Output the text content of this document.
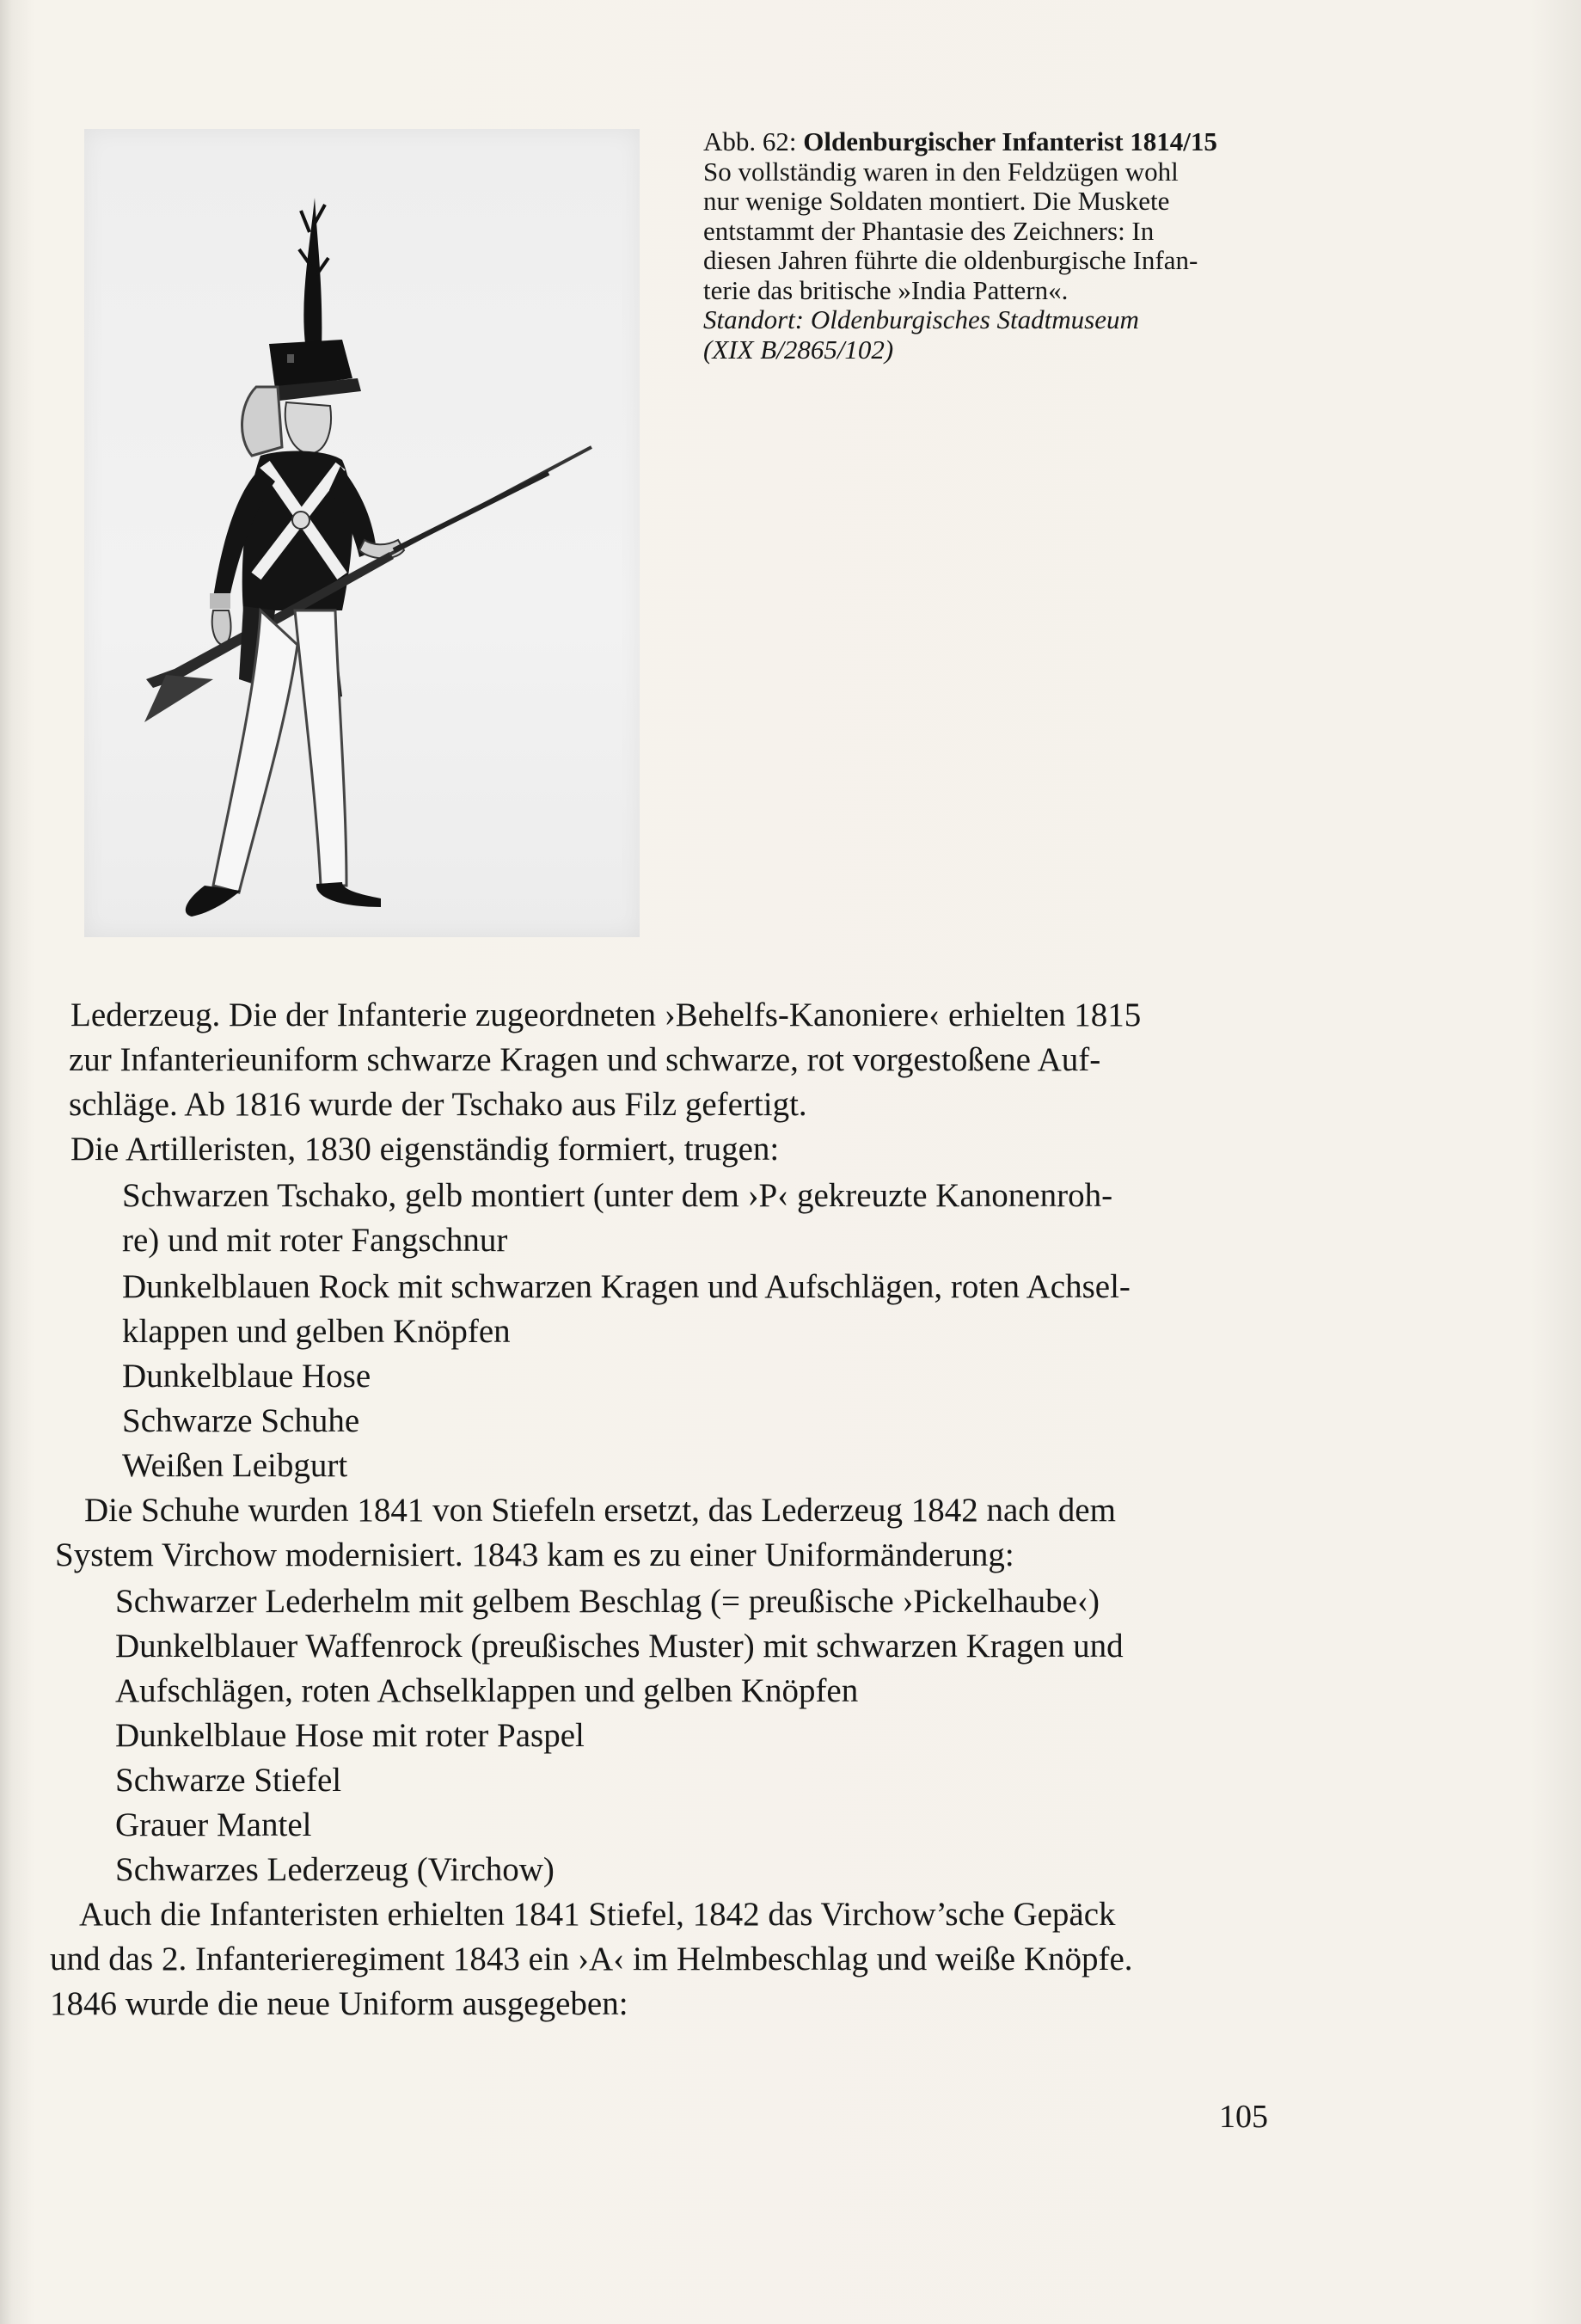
Abb. 62: Oldenburgischer Infanterist 1814/15
So vollständig waren in den Feldzügen wohl
nur wenige Soldaten montiert. Die Muskete
entstammt der Phantasie des Zeichners: In
diesen Jahren führte die oldenburgische Infan-
terie das britische »India Pattern«.
Standort: Oldenburgisches Stadtmuseum
(XIX B/2865/102)
Lederzeug. Die der Infanterie zugeordneten ›Behelfs-Kanoniere‹ erhielten 1815
zur Infanterieuniform schwarze Kragen und schwarze, rot vorgestoßene Auf-
schläge. Ab 1816 wurde der Tschako aus Filz gefertigt.
Die Artilleristen, 1830 eigenständig formiert, trugen:
Schwarzen Tschako, gelb montiert (unter dem ›P‹ gekreuzte Kanonenroh-
re) und mit roter Fangschnur
Dunkelblauen Rock mit schwarzen Kragen und Aufschlägen, roten Achsel-
klappen und gelben Knöpfen
Dunkelblaue Hose
Schwarze Schuhe
Weißen Leibgurt
Die Schuhe wurden 1841 von Stiefeln ersetzt, das Lederzeug 1842 nach dem
System Virchow modernisiert. 1843 kam es zu einer Uniformänderung:
Schwarzer Lederhelm mit gelbem Beschlag (= preußische ›Pickelhaube‹)
Dunkelblauer Waffenrock (preußisches Muster) mit schwarzen Kragen und
Aufschlägen, roten Achselklappen und gelben Knöpfen
Dunkelblaue Hose mit roter Paspel
Schwarze Stiefel
Grauer Mantel
Schwarzes Lederzeug (Virchow)
Auch die Infanteristen erhielten 1841 Stiefel, 1842 das Virchow’sche Gepäck
und das 2. Infanterieregiment 1843 ein ›A‹ im Helmbeschlag und weiße Knöpfe.
1846 wurde die neue Uniform ausgegeben:
105
